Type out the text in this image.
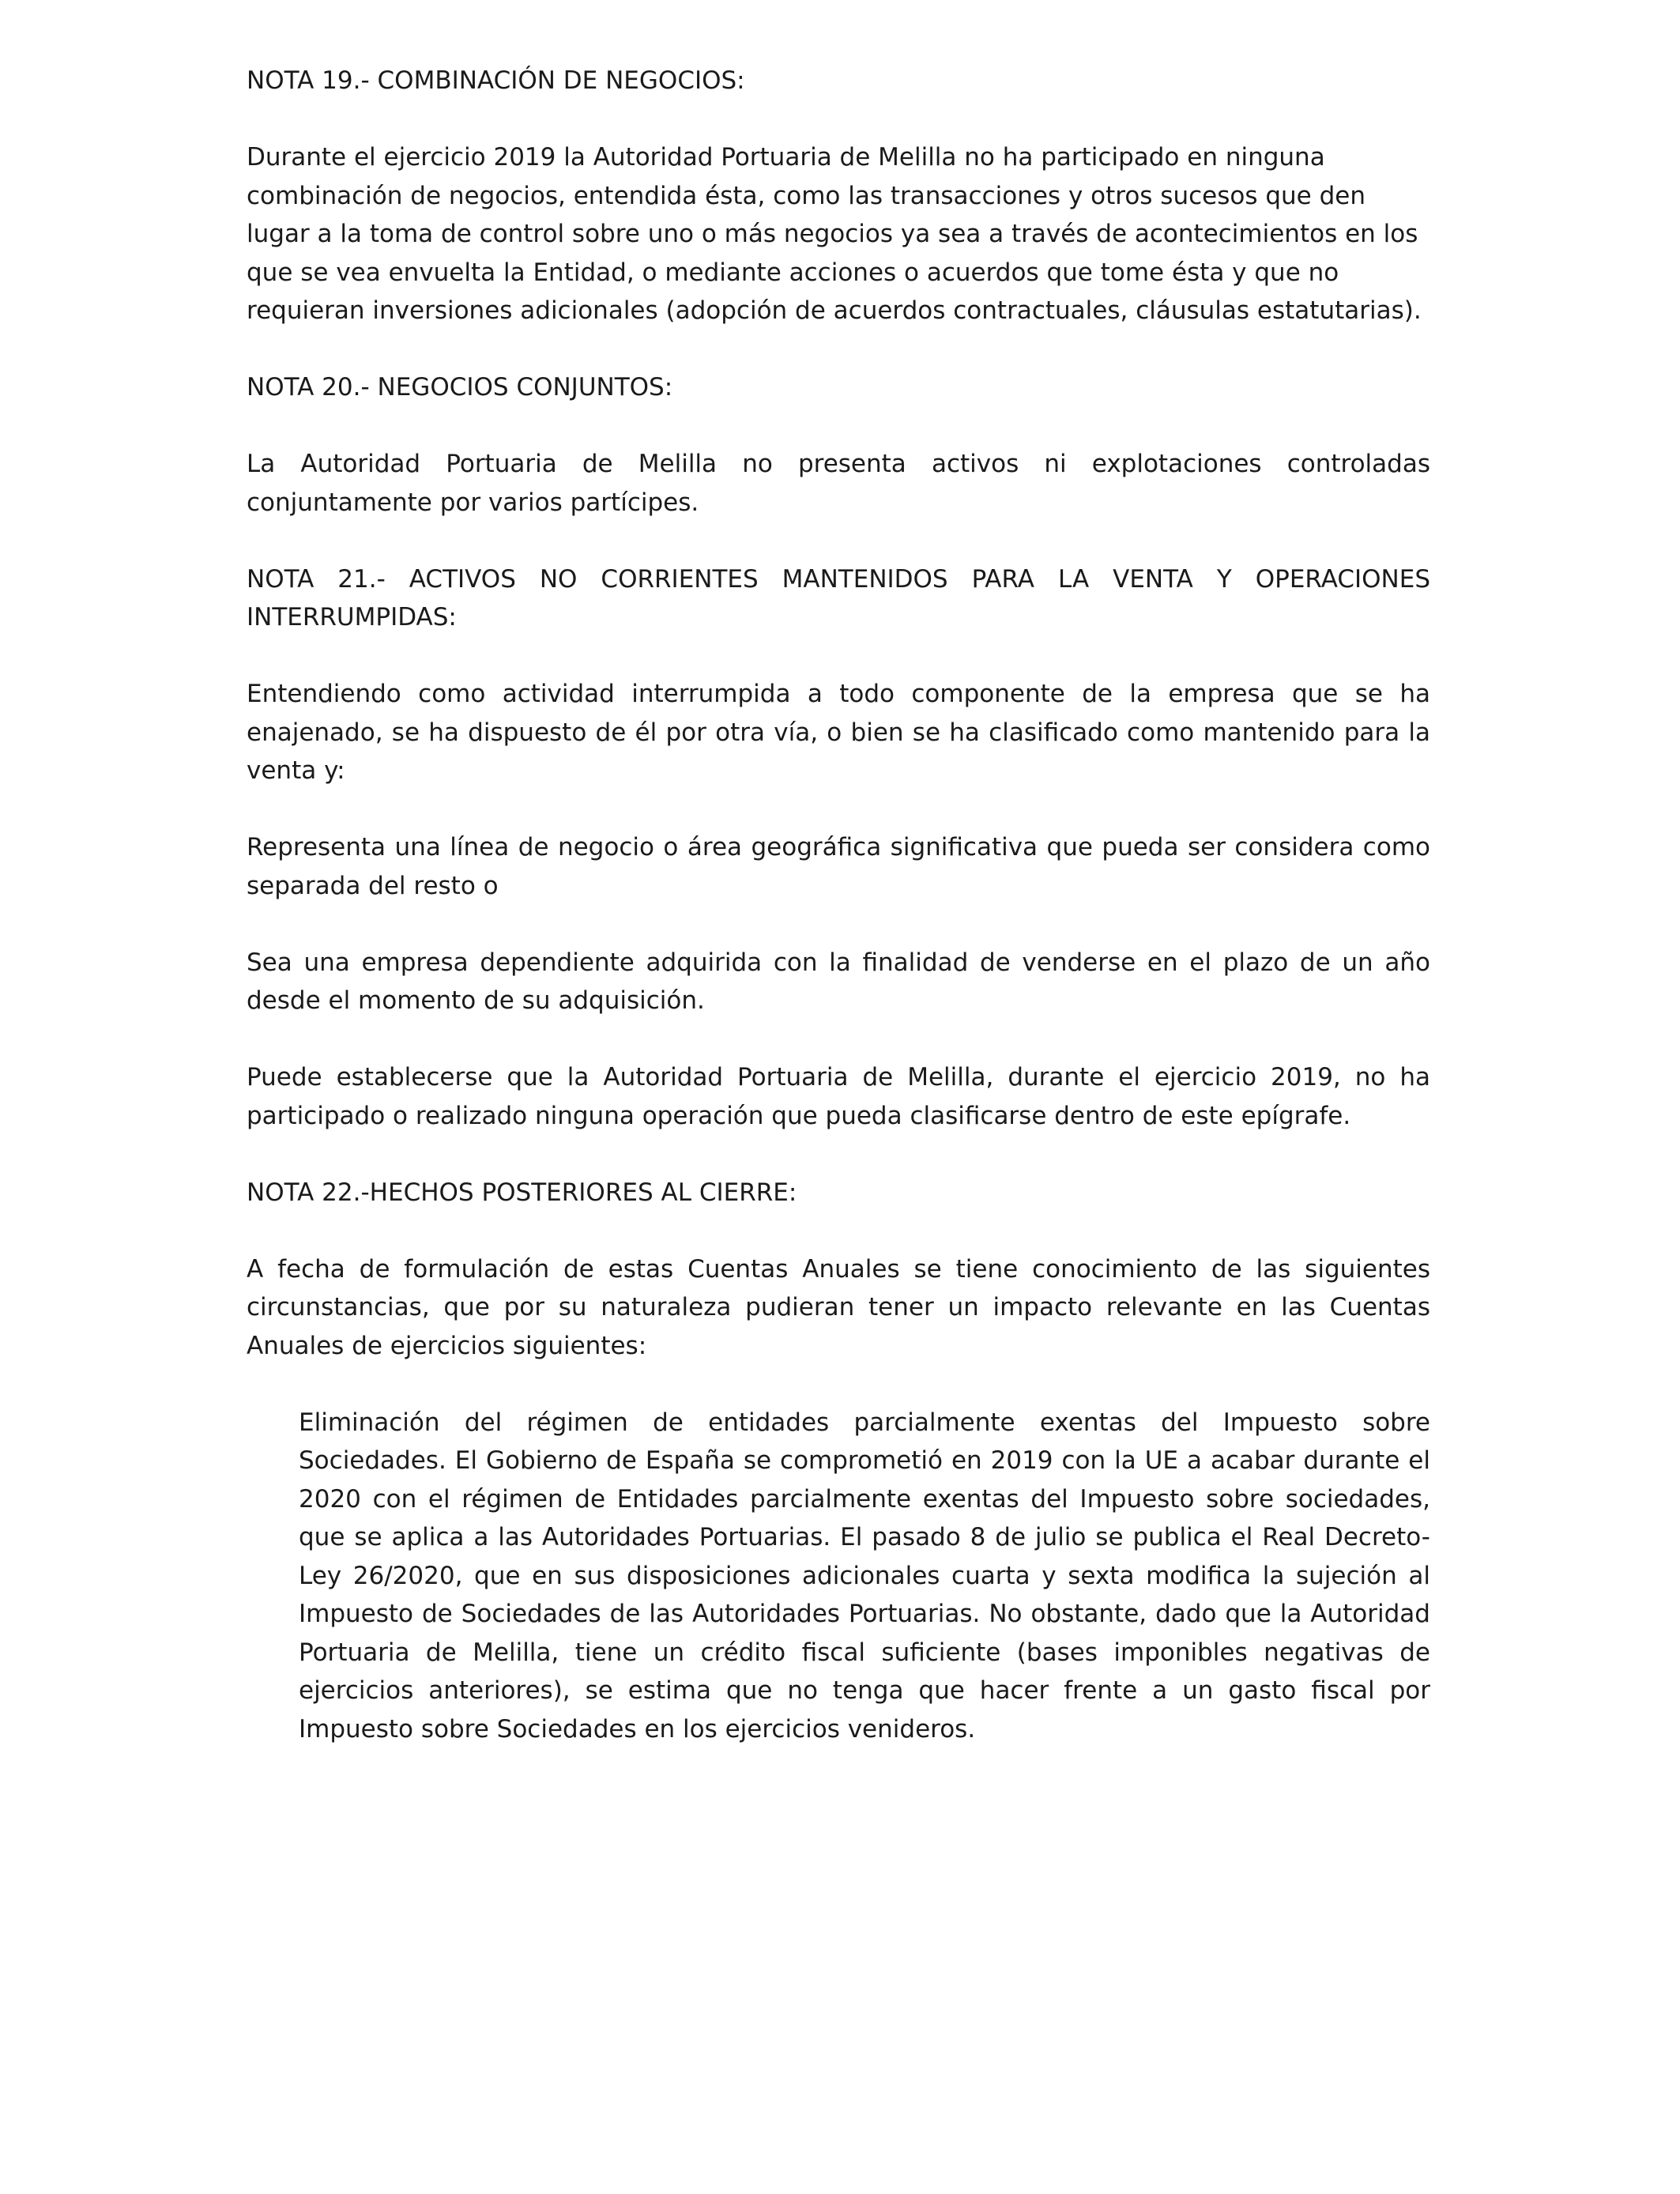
NOTA 19.- COMBINACIÓN DE NEGOCIOS:

Durante el ejercicio 2019 la Autoridad Portuaria de Melilla no ha participado en ninguna combinación de negocios, entendida ésta, como las transacciones y otros sucesos que den lugar a la toma de control sobre uno o más negocios ya sea a través de acontecimientos en los que se vea envuelta la Entidad, o mediante acciones o acuerdos que tome ésta y que no

requieran inversiones adicionales (adopción de acuerdos contractuales, cláusulas estatutarias).

NOTA 20.- NEGOCIOS CONJUNTOS:

La Autoridad Portuaria de Melilla no presenta activos ni explotaciones controladas conjuntamente por varios partícipes.

NOTA 21.- ACTIVOS NO CORRIENTES MANTENIDOS PARA LA VENTA Y OPERACIONES INTERRUMPIDAS:

Entendiendo como actividad interrumpida a todo componente de la empresa que se ha enajenado, se ha dispuesto de él por otra vía, o bien se ha clasificado como mantenido para la venta y:

Representa una línea de negocio o área geográfica significativa que pueda ser considera como separada del resto o

Sea una empresa dependiente adquirida con la finalidad de venderse en el plazo de un año desde el momento de su adquisición.

Puede establecerse que la Autoridad Portuaria de Melilla, durante el ejercicio 2019, no ha participado o realizado ninguna operación que pueda clasificarse dentro de este epígrafe.

NOTA 22.-HECHOS POSTERIORES AL CIERRE:

A fecha de formulación de estas Cuentas Anuales se tiene conocimiento de las siguientes circunstancias, que por su naturaleza pudieran tener un impacto relevante en las Cuentas Anuales de ejercicios siguientes:

Eliminación del régimen de entidades parcialmente exentas del Impuesto sobre Sociedades. El Gobierno de España se comprometió en 2019 con la UE a acabar durante el 2020 con el régimen de Entidades parcialmente exentas del Impuesto sobre sociedades, que se aplica a las Autoridades Portuarias. El pasado 8 de julio se publica el Real Decreto-Ley 26/2020, que en sus disposiciones adicionales cuarta y sexta modifica la sujeción al Impuesto de Sociedades de las Autoridades Portuarias. No obstante, dado que la Autoridad Portuaria de Melilla, tiene un crédito fiscal suficiente (bases imponibles negativas de ejercicios anteriores), se estima que no tenga que hacer frente a un gasto fiscal por Impuesto sobre Sociedades en los ejercicios venideros.
